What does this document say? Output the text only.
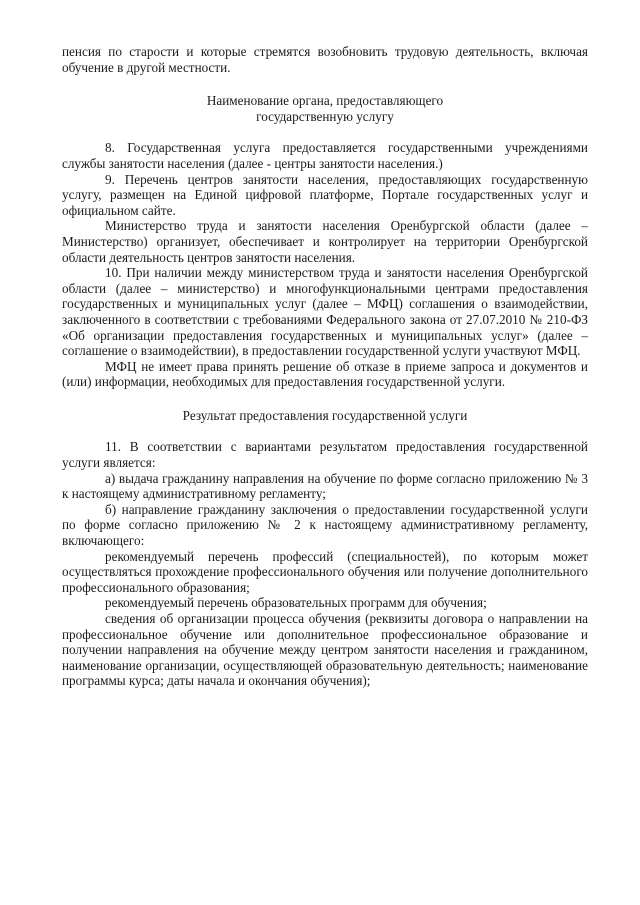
пенсия по старости и которые стремятся возобновить трудовую деятельность, включая обучение в другой местности.

Наименование органа, предоставляющего

государственную услугу

8. Государственная услуга предоставляется государственными учреждениями службы занятости населения (далее - центры занятости населения.)

9. Перечень центров занятости населения, предоставляющих государственную услугу, размещен на Единой цифровой платформе, Портале государственных услуг и официальном сайте.

Министерство труда и занятости населения Оренбургской области (далее – Министерство) организует, обеспечивает и контролирует на территории Оренбургской области деятельность центров занятости населения.

10. При наличии между министерством труда и занятости населения Оренбургской области (далее – министерство) и многофункциональными центрами предоставления государственных и муниципальных услуг (далее – МФЦ) соглашения о взаимодействии, заключенного в соответствии с требованиями Федерального закона от 27.07.2010 № 210-ФЗ «Об организации предоставления государственных и муниципальных услуг» (далее – соглашение о взаимодействии), в предоставлении государственной услуги участвуют МФЦ.

МФЦ не имеет права принять решение об отказе в приеме запроса и документов и (или) информации, необходимых для предоставления государственной услуги.

Результат предоставления государственной услуги

11. В соответствии с вариантами результатом предоставления государственной услуги является:

а) выдача гражданину направления на обучение по форме согласно приложению № 3 к настоящему административному регламенту;

б) направление гражданину заключения о предоставлении государственной услуги по форме согласно приложению № 2 к настоящему административному регламенту, включающего:

рекомендуемый перечень профессий (специальностей), по которым может осуществляться прохождение профессионального обучения или получение дополнительного профессионального образования;

рекомендуемый перечень образовательных программ для обучения;

сведения об организации процесса обучения (реквизиты договора о направлении на профессиональное обучение или дополнительное профессиональное образование и получении направления на обучение между центром занятости населения и гражданином, наименование организации, осуществляющей образовательную деятельность; наименование программы курса; даты начала и окончания обучения);
